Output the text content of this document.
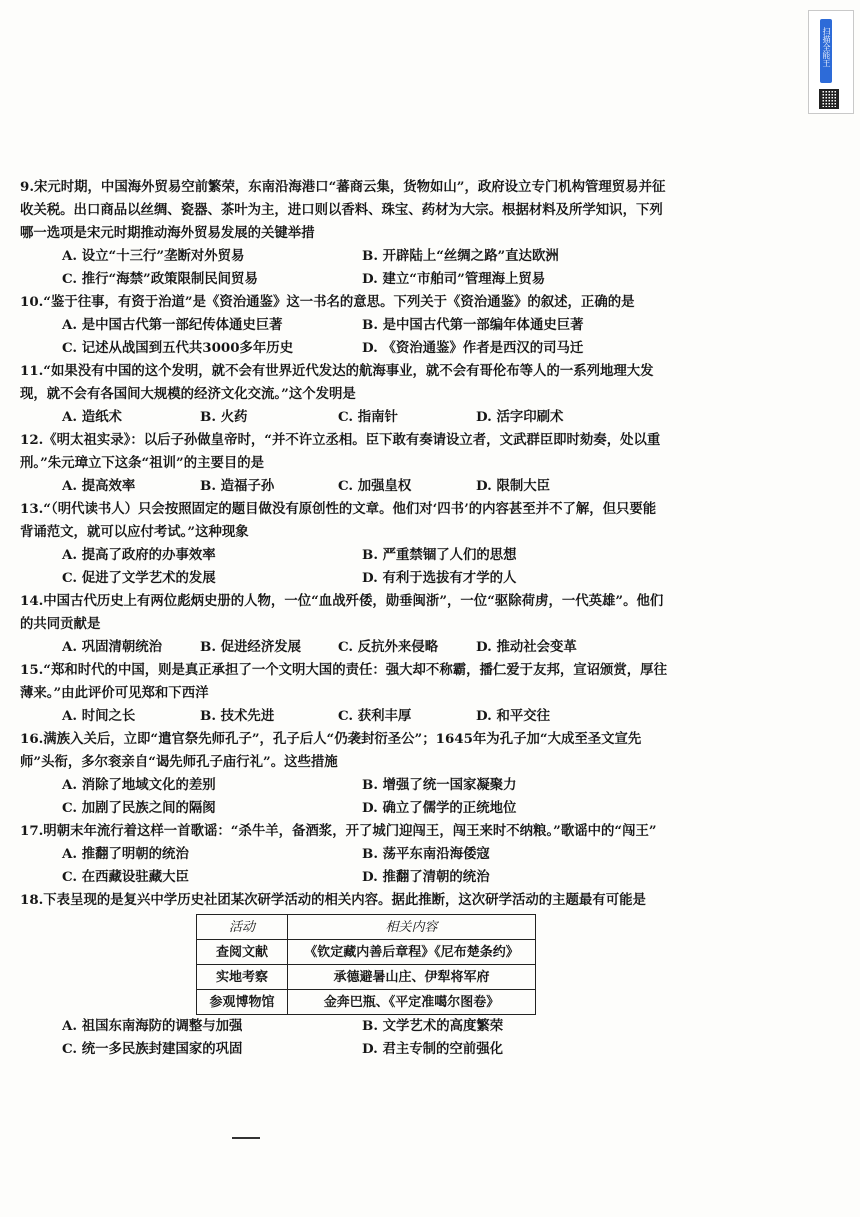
扫描全能王
9.宋元时期，中国海外贸易空前繁荣，东南沿海港口“蕃商云集，货物如山”，政府设立专门机构管理贸易并征收关税。出口商品以丝绸、瓷器、茶叶为主，进口则以香料、珠宝、药材为大宗。根据材料及所学知识，下列哪一选项是宋元时期推动海外贸易发展的关键举措
A. 设立“十三行”垄断对外贸易	B. 开辟陆上“丝绸之路”直达欧洲
C. 推行“海禁”政策限制民间贸易	D. 建立“市舶司”管理海上贸易
10.“鉴于往事，有资于治道”是《资治通鉴》这一书名的意思。下列关于《资治通鉴》的叙述，正确的是
A. 是中国古代第一部纪传体通史巨著	B. 是中国古代第一部编年体通史巨著
C. 记述从战国到五代共3000多年历史	D. 《资治通鉴》作者是西汉的司马迁
11.“如果没有中国的这个发明，就不会有世界近代发达的航海事业，就不会有哥伦布等人的一系列地理大发现，就不会有各国间大规模的经济文化交流。”这个发明是
A. 造纸术	B. 火药	C. 指南针	D. 活字印刷术
12.《明太祖实录》：以后子孙做皇帝时，“并不许立丞相。臣下敢有奏请设立者，文武群臣即时劾奏，处以重刑。”朱元璋立下这条“祖训”的主要目的是
A. 提高效率	B. 造福子孙	C. 加强皇权	D. 限制大臣
13.“（明代读书人）只会按照固定的题目做没有原创性的文章。他们对‘四书’的内容甚至并不了解，但只要能背诵范文，就可以应付考试。”这种现象
A. 提高了政府的办事效率	B. 严重禁锢了人们的思想
C. 促进了文学艺术的发展	D. 有利于选拔有才学的人
14.中国古代历史上有两位彪炳史册的人物，一位“血战歼倭，勋垂闽浙”，一位“驱除荷虏，一代英雄”。他们的共同贡献是
A. 巩固清朝统治	B. 促进经济发展	C. 反抗外来侵略	D. 推动社会变革
15.“郑和时代的中国，则是真正承担了一个文明大国的责任：强大却不称霸，播仁爱于友邦，宣诏颁赏，厚往薄来。”由此评价可见郑和下西洋
A. 时间之长	B. 技术先进	C. 获利丰厚	D. 和平交往
16.满族入关后，立即“遣官祭先师孔子”，孔子后人“仍袭封衍圣公”；1645年为孔子加“大成至圣文宣先师”头衔，多尔衮亲自“谒先师孔子庙行礼”。这些措施
A. 消除了地域文化的差别	B. 增强了统一国家凝聚力
C. 加剧了民族之间的隔阂	D. 确立了儒学的正统地位
17.明朝末年流行着这样一首歌谣：“杀牛羊，备酒浆，开了城门迎闯王，闯王来时不纳粮。”歌谣中的“闯王”
A. 推翻了明朝的统治	B. 荡平东南沿海倭寇
C. 在西藏设驻藏大臣	D. 推翻了清朝的统治
18.下表呈现的是复兴中学历史社团某次研学活动的相关内容。据此推断，这次研学活动的主题最有可能是
活动	相关内容
查阅文献	《钦定藏内善后章程》《尼布楚条约》
实地考察	承德避暑山庄、伊犁将军府
参观博物馆	金奔巴瓶、《平定准噶尔图卷》
A. 祖国东南海防的调整与加强	B. 文学艺术的高度繁荣
C. 统一多民族封建国家的巩固	D. 君主专制的空前强化
